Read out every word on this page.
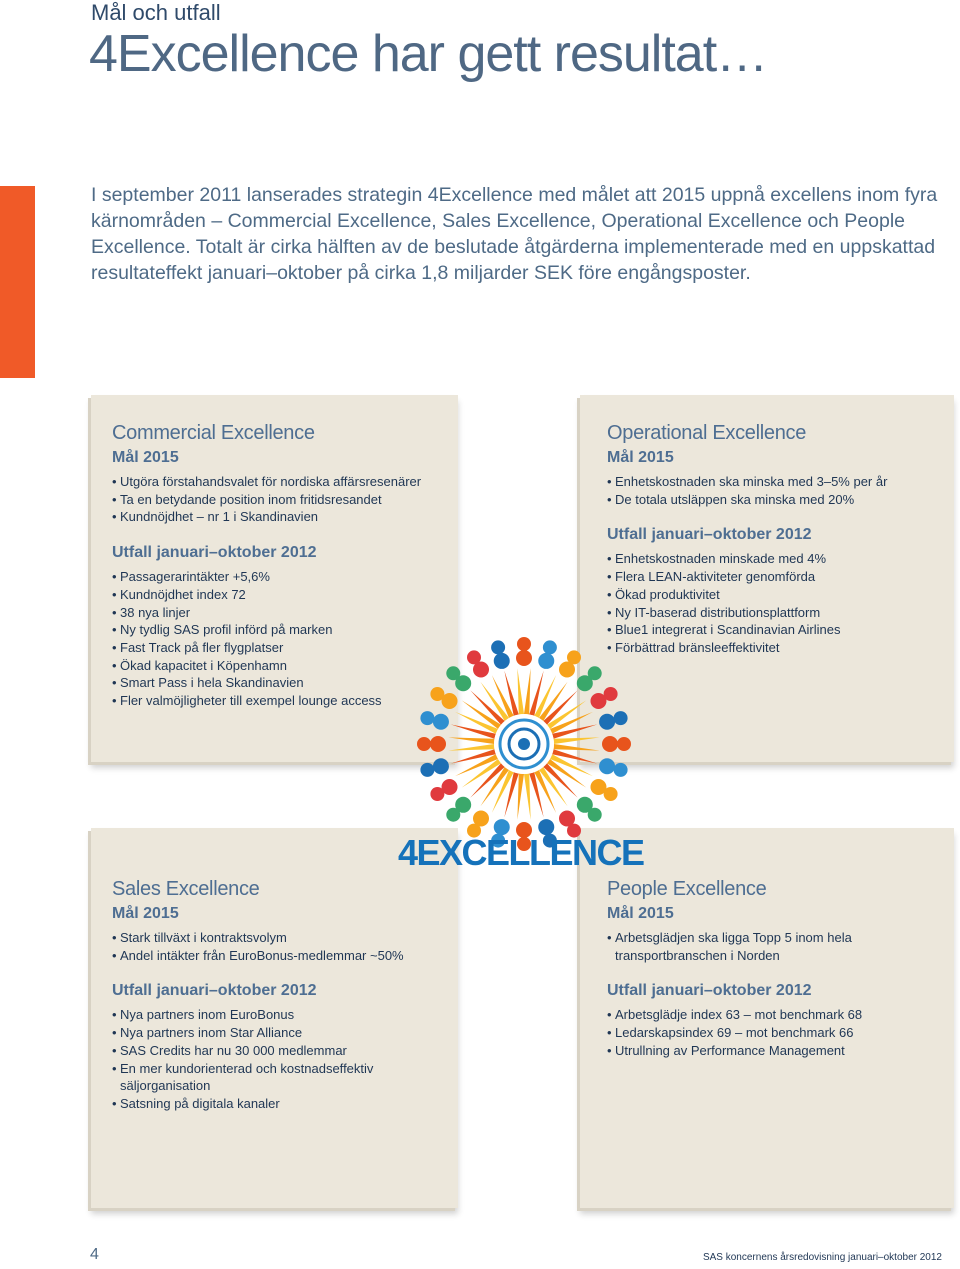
Mål och utfall
4Excellence har gett resultat…
I september 2011 lanserades strategin 4Excellence med målet att 2015 uppnå excellens inom fyra kärnområden – Commercial Excellence, Sales Excellence, Operational Excellence och People Excellence. Totalt är cirka hälften av de beslutade åtgärderna implementerade med en uppskattad resultateffekt januari–oktober på cirka 1,8 miljarder SEK före engångsposter.
Commercial Excellence
Mål 2015
• Utgöra förstahandsvalet för nordiska affärsresenärer
• Ta en betydande position inom fritidsresandet
• Kundnöjdhet – nr 1 i Skandinavien
Utfall januari–oktober 2012
• Passagerarintäkter +5,6%
• Kundnöjdhet index 72
• 38 nya linjer
• Ny tydlig SAS profil införd på marken
• Fast Track på fler flygplatser
• Ökad kapacitet i Köpenhamn
• Smart Pass i hela Skandinavien
• Fler valmöjligheter till exempel lounge access
Operational Excellence
Mål 2015
• Enhetskostnaden ska minska med 3–5% per år
• De totala utsläppen ska minska med 20%
Utfall januari–oktober 2012
• Enhetskostnaden minskade med 4%
• Flera LEAN-aktiviteter genomförda
• Ökad produktivitet
• Ny IT-baserad distributionsplattform
• Blue1 integrerat i Scandinavian Airlines
• Förbättrad bränsleeffektivitet
Sales Excellence
Mål 2015
• Stark tillväxt i kontraktsvolym
• Andel intäkter från EuroBonus-medlemmar ~50%
Utfall januari–oktober 2012
• Nya partners inom EuroBonus
• Nya partners inom Star Alliance
• SAS Credits har nu 30 000 medlemmar
• En mer kundorienterad och kostnadseffektiv säljorganisation
• Satsning på digitala kanaler
People Excellence
Mål 2015
• Arbetsglädjen ska ligga Topp 5 inom hela transportbranschen i Norden
Utfall januari–oktober 2012
• Arbetsglädje index 63 – mot benchmark 68
• Ledarskapsindex 69 – mot benchmark 66
• Utrullning av Performance Management
4EXCELLENCE
4	SAS koncernens årsredovisning januari–oktober 2012
